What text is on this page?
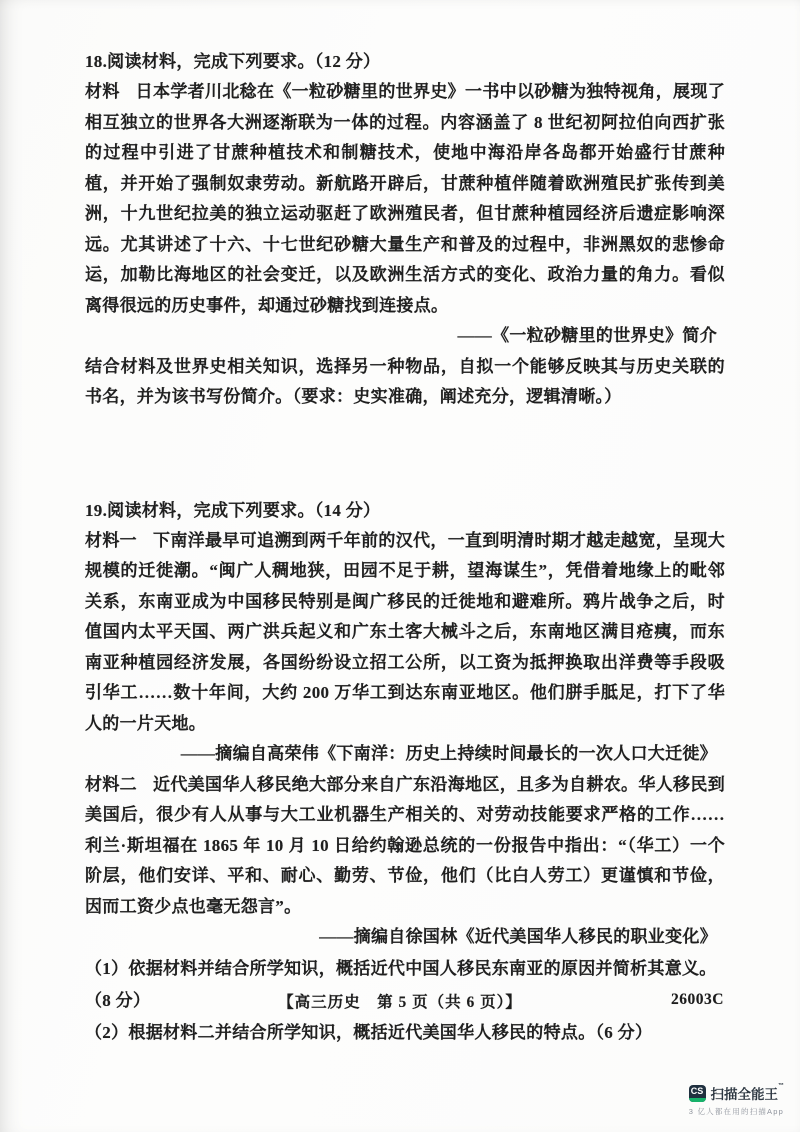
18.阅读材料，完成下列要求。（12 分）

材料 日本学者川北稔在《一粒砂糖里的世界史》一书中以砂糖为独特视角，展现了相互独立的世界各大洲逐渐联为一体的过程。内容涵盖了 8 世纪初阿拉伯向西扩张的过程中引进了甘蔗种植技术和制糖技术，使地中海沿岸各岛都开始盛行甘蔗种植，并开始了强制奴隶劳动。新航路开辟后，甘蔗种植伴随着欧洲殖民扩张传到美洲，十九世纪拉美的独立运动驱赶了欧洲殖民者，但甘蔗种植园经济后遗症影响深远。尤其讲述了十六、十七世纪砂糖大量生产和普及的过程中，非洲黑奴的悲惨命运，加勒比海地区的社会变迁，以及欧洲生活方式的变化、政治力量的角力。看似离得很远的历史事件，却通过砂糖找到连接点。

——《一粒砂糖里的世界史》简介

结合材料及世界史相关知识，选择另一种物品，自拟一个能够反映其与历史关联的书名，并为该书写份简介。（要求：史实准确，阐述充分，逻辑清晰。）

19.阅读材料，完成下列要求。（14 分）

材料一 下南洋最早可追溯到两千年前的汉代，一直到明清时期才越走越宽，呈现大规模的迁徙潮。“闽广人稠地狭，田园不足于耕，望海谋生”，凭借着地缘上的毗邻关系，东南亚成为中国移民特别是闽广移民的迁徙地和避难所。鸦片战争之后，时值国内太平天国、两广洪兵起义和广东土客大械斗之后，东南地区满目疮痍，而东南亚种植园经济发展，各国纷纷设立招工公所，以工资为抵押换取出洋费等手段吸引华工……数十年间，大约 200 万华工到达东南亚地区。他们胼手胝足，打下了华人的一片天地。

——摘编自高荣伟《下南洋：历史上持续时间最长的一次人口大迁徙》

材料二 近代美国华人移民绝大部分来自广东沿海地区，且多为自耕农。华人移民到美国后，很少有人从事与大工业机器生产相关的、对劳动技能要求严格的工作……利兰·斯坦福在 1865 年 10 月 10 日给约翰逊总统的一份报告中指出：“（华工）一个阶层，他们安详、平和、耐心、勤劳、节俭，他们（比白人劳工）更谨慎和节俭，因而工资少点也毫无怨言”。

——摘编自徐国林《近代美国华人移民的职业变化》

（1）依据材料并结合所学知识，概括近代中国人移民东南亚的原因并简析其意义。（8 分）

（2）根据材料二并结合所学知识，概括近代美国华人移民的特点。（6 分）

【高三历史　第 5 页（共 6 页）】	26003C
CS 扫描全能王™
3 亿人都在用的扫描App
